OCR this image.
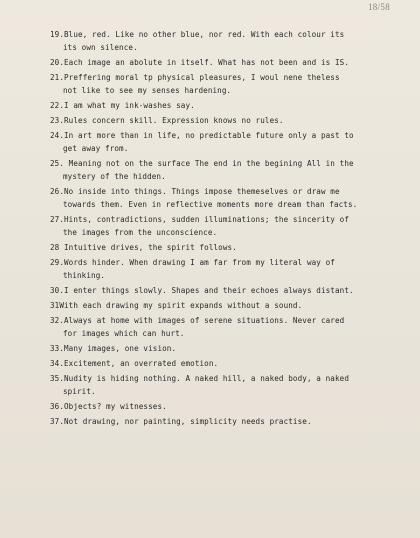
18/58
19.Blue, red. Like no other blue, nor red. With each colour its
its own silence.
20.Each image an abolute in itself. What has not been and is IS.
21.Preffering moral tp physical pleasures, I woul nene theless
not like to see my senses hardening.
22.I am what my ink-washes say.
23.Rules concern skill. Expression knows no rules.
24.In art more than in life, no predictable future only a past to
get away from.
25. Meaning not on the surface The end in the begining All in the
mystery of the hidden.
26.No inside into things. Things impose themeselves or draw me
towards them. Even in reflective moments more dream than facts.
27.Hints, contradictions, sudden illuminations; the sincerity of
the images from the unconscience.
28 Intuitive drives, the spirit follows.
29.Words hinder. When drawing I am far from my literal way of
thinking.
30.I enter things slowly. Shapes and their echoes always distant.
31With each drawing my spirit expands without a sound.
32.Always at home with images of serene situations. Never cared
for images which can hurt.
33.Many images, one vision.
34.Excitement, an overrated emotion.
35.Nudity is hiding nothing. A naked hill, a naked body, a naked
spirit.
36.Objects? my witnesses.
37.Not drawing, nor painting, simplicity needs practise.
